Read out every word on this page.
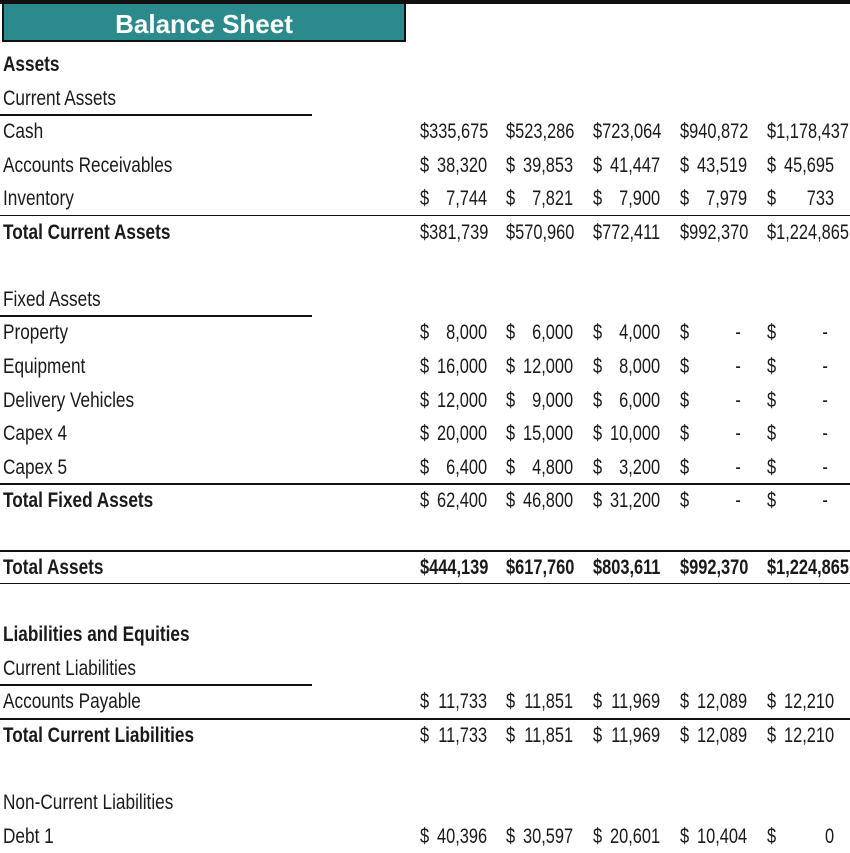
Balance Sheet
Assets
Current Assets
Cash	$335,675 $523,286 $723,064 $940,872 $1,178,437
Accounts Receivables	$ 38,320 $ 39,853 $ 41,447 $ 43,519 $ 45,695
Inventory	$ 7,744 $ 7,821 $ 7,900 $ 7,979 $ 733
Total Current Assets	$381,739 $570,960 $772,411 $992,370 $1,224,865
Fixed Assets
Property	$ 8,000 $ 6,000 $ 4,000 $ - $ -
Equipment	$ 16,000 $ 12,000 $ 8,000 $ - $ -
Delivery Vehicles	$ 12,000 $ 9,000 $ 6,000 $ - $ -
Capex 4	$ 20,000 $ 15,000 $ 10,000 $ - $ -
Capex 5	$ 6,400 $ 4,800 $ 3,200 $ - $ -
Total Fixed Assets	$ 62,400 $ 46,800 $ 31,200 $ - $ -
Total Assets	$444,139 $617,760 $803,611 $992,370 $1,224,865
Liabilities and Equities
Current Liabilities
Accounts Payable	$ 11,733 $ 11,851 $ 11,969 $ 12,089 $ 12,210
Total Current Liabilities	$ 11,733 $ 11,851 $ 11,969 $ 12,089 $ 12,210
Non-Current Liabilities
Debt 1	$ 40,396 $ 30,597 $ 20,601 $ 10,404 $ 0
